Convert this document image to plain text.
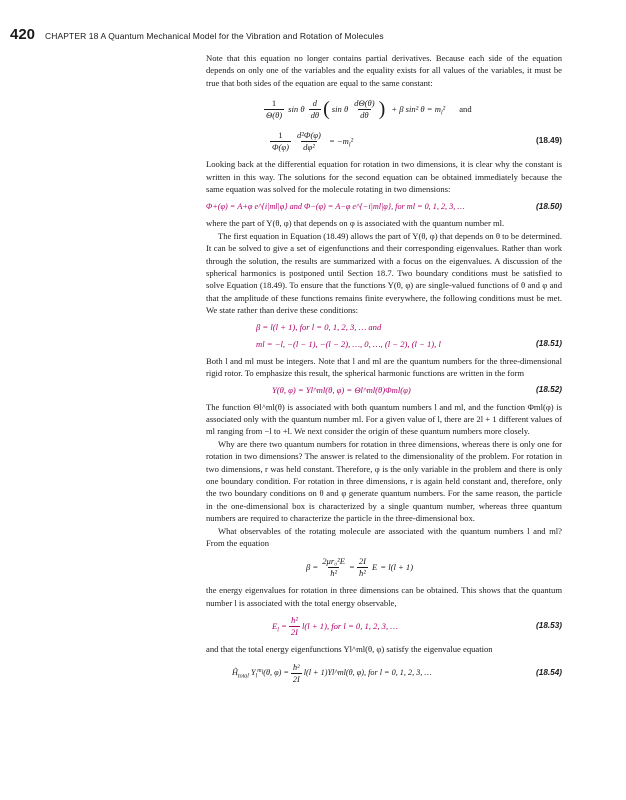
420 CHAPTER 18 A Quantum Mechanical Model for the Vibration and Rotation of Molecules

Note that this equation no longer contains partial derivatives. Because each side of the equation depends on only one of the variables and the equality exists for all values of the variables, it must be true that both sides of the equation are equal to the same constant:

$\frac{1}{\Theta(\theta)}$ sin θ $\frac{d}{d\theta}$ ( sin θ $\frac{d\Theta(\theta)}{d\theta}$ ) + β sin² $\theta = m_l^2$ and
$\frac{1}{\Phi(\varphi)} \frac{\text{d²Φ(φ)}}{\text{dφ²}} = -m_l^2$	(18.49)

Looking back at the differential equation for rotation in two dimensions, it is clear why the constant is written in this way. The solutions for the second equation can be obtained immediately because the same equation was solved for the molecule rotating in two dimensions:

Φ+(φ) = A+φ e^{i|ml|φ} and Φ−(φ) = A−φ e^{−i|ml|φ}, for ml = 0, 1, 2, 3, …	(18.50)

where the part of Y(θ, φ) that depends on φ is associated with the quantum number ml.

The first equation in Equation (18.49) allows the part of Y(θ, φ) that depends on θ to be determined. It can be solved to give a set of eigenfunctions and their corresponding eigenvalues. Rather than work through the solution, the results are summarized with a focus on the eigenvalues. A discussion of the spherical harmonics is postponed until Section 18.7. Two boundary conditions must be satisfied to solve Equation (18.49). To ensure that the functions Y(θ, φ) are single-valued functions of θ and φ and that the amplitude of these functions remains finite everywhere, the following conditions must be met. We state rather than derive these conditions:

β = l(l + 1), for l = 0, 1, 2, 3, … and
ml = −l, −(l − 1), −(l − 2), …, 0, …, (l − 2), (l − 1), l	(18.51)

Both l and ml must be integers. Note that l and ml are the quantum numbers for the three-dimensional rigid rotor. To emphasize this result, the spherical harmonic functions are written in the form

Y(θ, φ) = Yl^ml(θ, φ) = Θl^ml(θ)Φml(φ)	(18.52)

The function Θl^ml(θ) is associated with both quantum numbers l and ml, and the function Φml(φ) is associated only with the quantum number ml. For a given value of l, there are 2l + 1 different values of ml ranging from −l to +l. We next consider the origin of these quantum numbers more closely.

Why are there two quantum numbers for rotation in three dimensions, whereas there is only one for rotation in two dimensions? The answer is related to the dimensionality of the problem. For rotation in two dimensions, r was held constant. Therefore, φ is the only variable in the problem and there is only one boundary condition. For rotation in three dimensions, r is again held constant and, therefore, only the two boundary conditions on θ and φ generate quantum numbers. For the same reason, the particle in the one-dimensional box is characterized by a single quantum number, whereas three quantum numbers are required to characterize the particle in the three-dimensional box.

What observables of the rotating molecule are associated with the quantum numbers l and ml? From the equation

$\beta = \frac{\text{2μr₀²E}}{\text{ħ²}} = \frac{2I}{\text{ħ²}}$ E = l(l + 1)

the energy eigenvalues for rotation in three dimensions can be obtained. This shows that the quantum number l is associated with the total energy observable,

$E_l = \frac{\text{ħ²}}{2I} l(l + 1)$, for l = 0, 1, 2, 3, …	(18.53)

and that the total energy eigenfunctions Yl^ml(θ, φ) satisfy the eigenvalue equation

$Ĥ_{total}$ $Y_l^{m_l}(\theta$, $\varphi) = \frac{\text{ħ²}}{2I} l(l$ + 1)Yl^ml(θ, φ), for l = 0, 1, 2, 3, …	(18.54)
